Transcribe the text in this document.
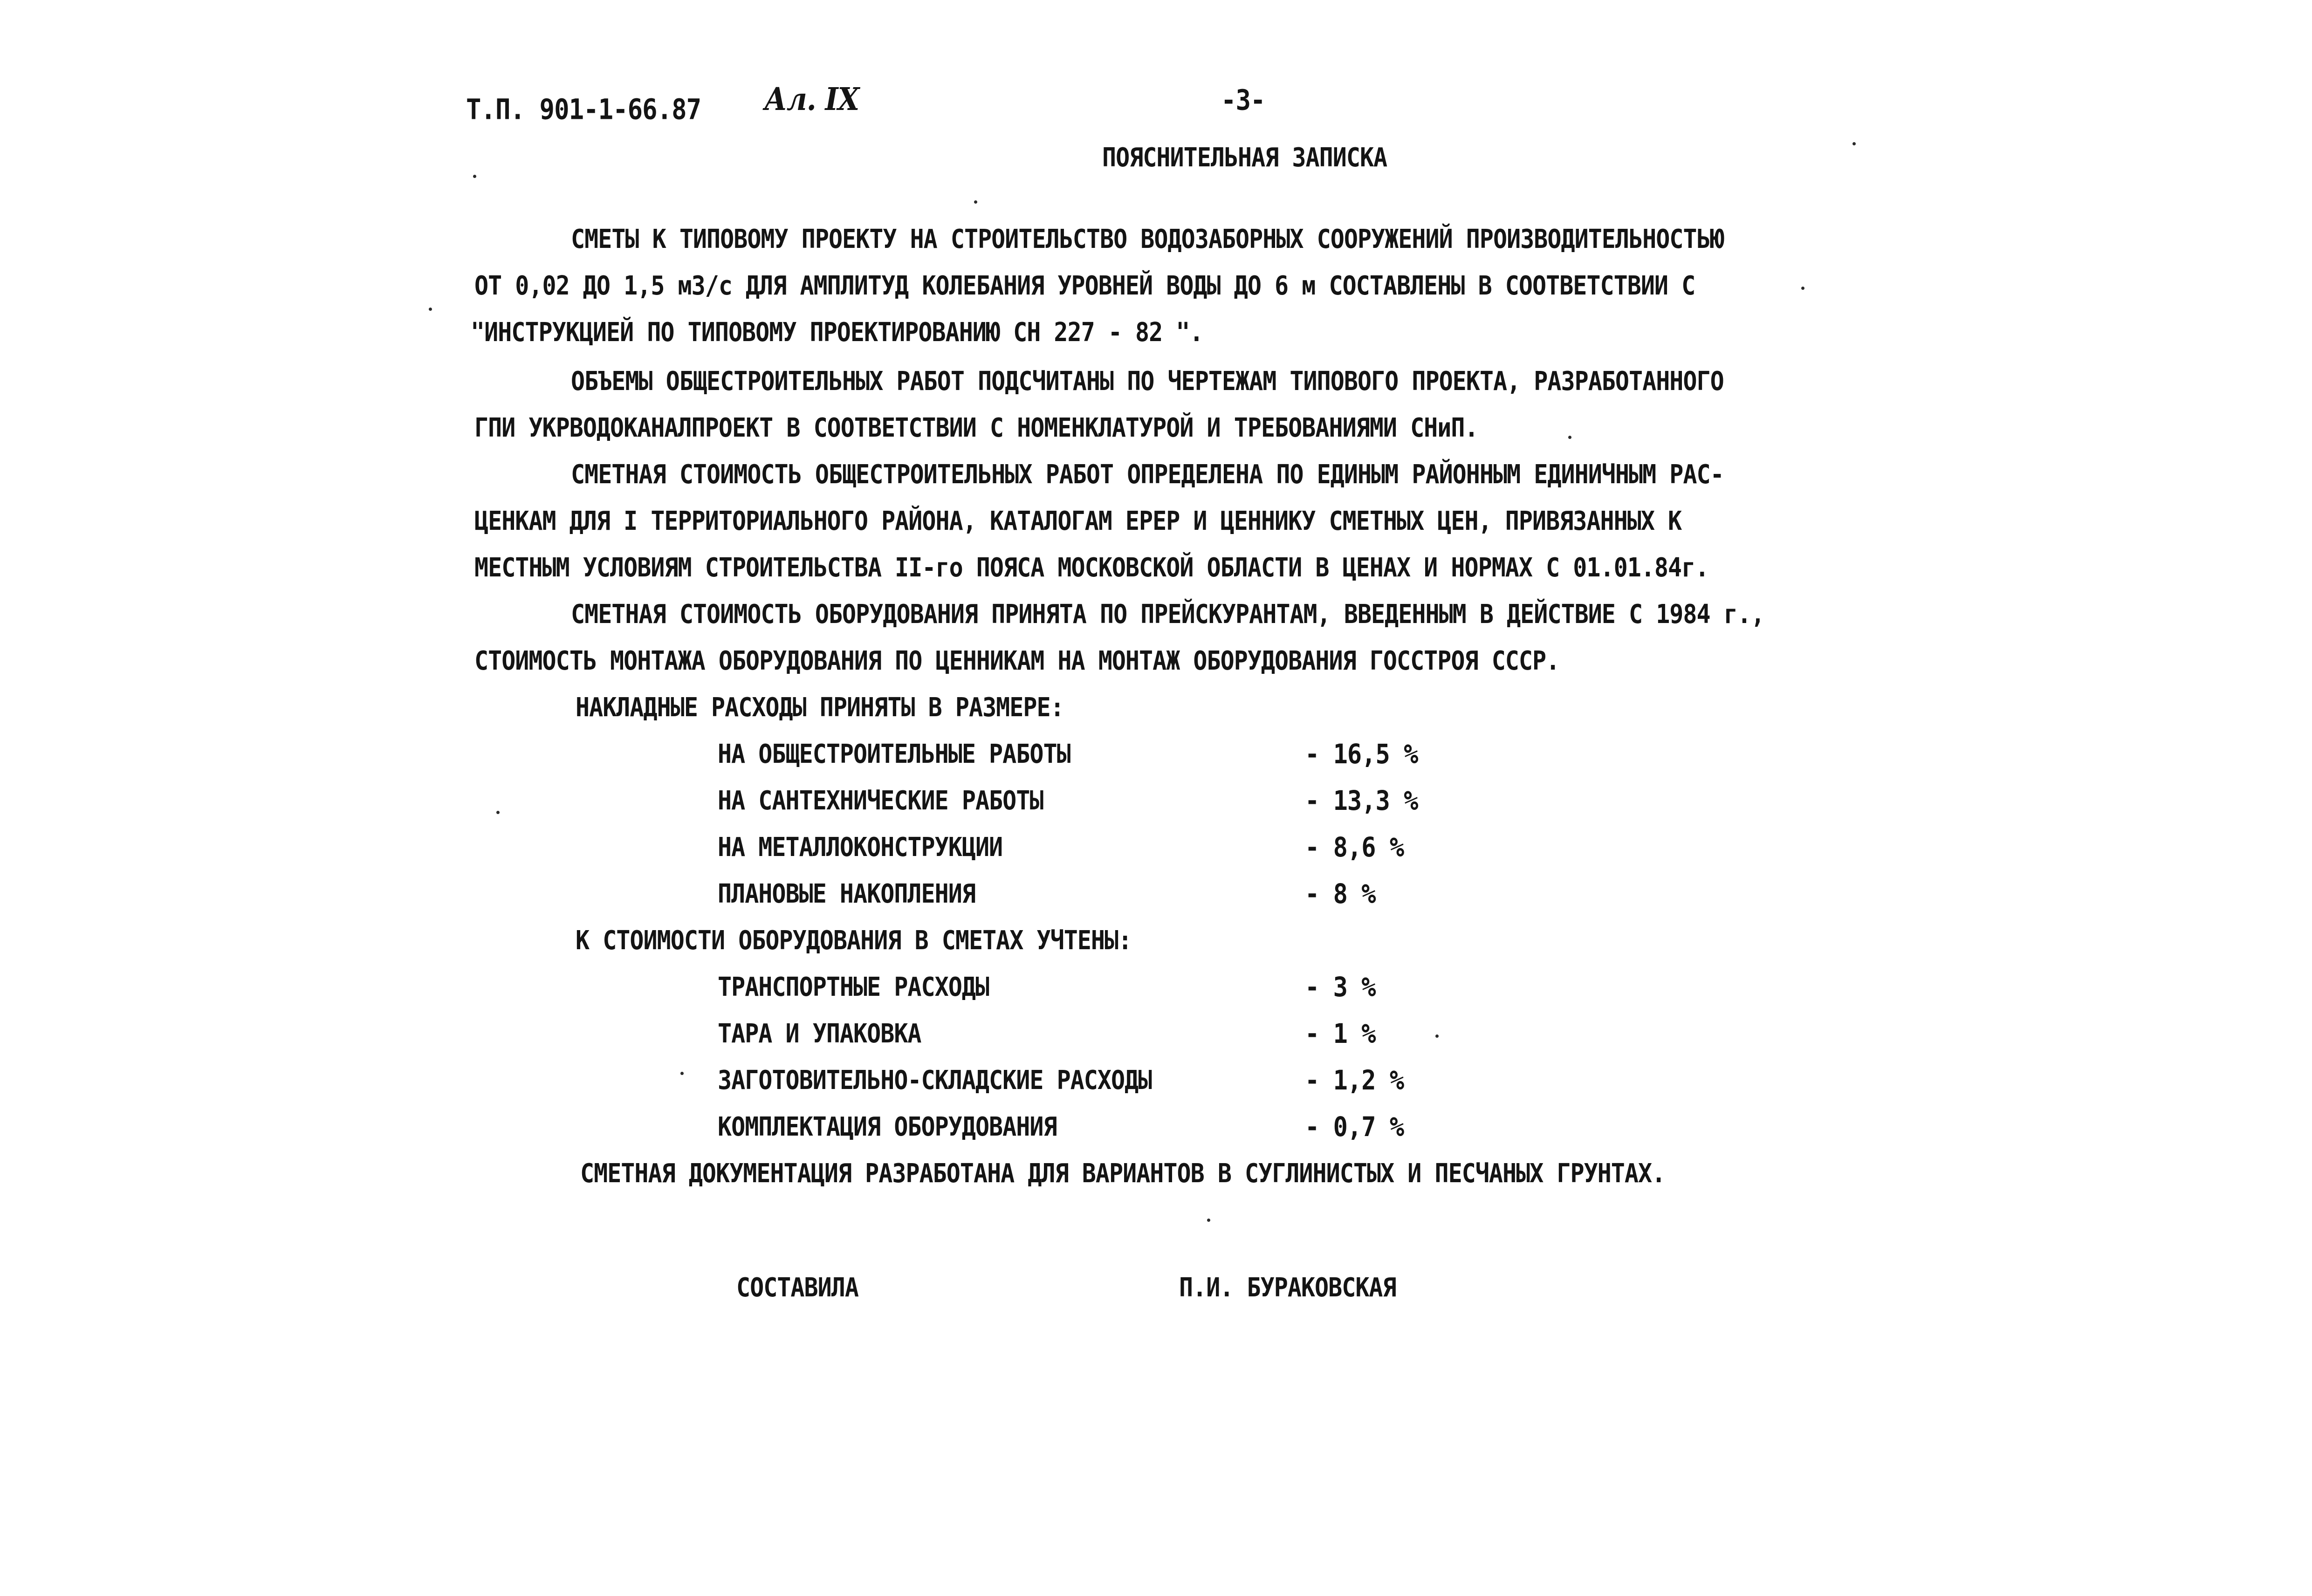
Т.П. 901-1-66.87 Ал. IX	-3-
ПОЯСНИТЕЛЬНАЯ ЗАПИСКА
СМЕТЫ К ТИПОВОМУ ПРОЕКТУ НА СТРОИТЕЛЬСТВО ВОДОЗАБОРНЫХ СООРУЖЕНИЙ ПРОИЗВОДИТЕЛЬНОСТЬЮ
ОТ 0,02 ДО 1,5 м3/с ДЛЯ АМПЛИТУД КОЛЕБАНИЯ УРОВНЕЙ ВОДЫ ДО 6 м СОСТАВЛЕНЫ В СООТВЕТСТВИИ С
"ИНСТРУКЦИЕЙ ПО ТИПОВОМУ ПРОЕКТИРОВАНИЮ СН 227 - 82 ".
ОБЪЕМЫ ОБЩЕСТРОИТЕЛЬНЫХ РАБОТ ПОДСЧИТАНЫ ПО ЧЕРТЕЖАМ ТИПОВОГО ПРОЕКТА, РАЗРАБОТАННОГО
ГПИ УКРВОДОКАНАЛПРОЕКТ В СООТВЕТСТВИИ С НОМЕНКЛАТУРОЙ И ТРЕБОВАНИЯМИ СНиП.
СМЕТНАЯ СТОИМОСТЬ ОБЩЕСТРОИТЕЛЬНЫХ РАБОТ ОПРЕДЕЛЕНА ПО ЕДИНЫМ РАЙОННЫМ ЕДИНИЧНЫМ РАС-
ЦЕНКАМ ДЛЯ I ТЕРРИТОРИАЛЬНОГО РАЙОНА, КАТАЛОГАМ ЕРЕР И ЦЕННИКУ СМЕТНЫХ ЦЕН, ПРИВЯЗАННЫХ К
МЕСТНЫМ УСЛОВИЯМ СТРОИТЕЛЬСТВА II-го ПОЯСА МОСКОВСКОЙ ОБЛАСТИ В ЦЕНАХ И НОРМАХ С 01.01.84г.
СМЕТНАЯ СТОИМОСТЬ ОБОРУДОВАНИЯ ПРИНЯТА ПО ПРЕЙСКУРАНТАМ, ВВЕДЕННЫМ В ДЕЙСТВИЕ С 1984 г.,
СТОИМОСТЬ МОНТАЖА ОБОРУДОВАНИЯ ПО ЦЕННИКАМ НА МОНТАЖ ОБОРУДОВАНИЯ ГОССТРОЯ СССР.
НАКЛАДНЫЕ РАСХОДЫ ПРИНЯТЫ В РАЗМЕРЕ:
НА ОБЩЕСТРОИТЕЛЬНЫЕ РАБОТЫ	- 16,5 %
НА САНТЕХНИЧЕСКИЕ РАБОТЫ	- 13,3 %
НА МЕТАЛЛОКОНСТРУКЦИИ	- 8,6 %
ПЛАНОВЫЕ НАКОПЛЕНИЯ	- 8 %
К СТОИМОСТИ ОБОРУДОВАНИЯ В СМЕТАХ УЧТЕНЫ:
ТРАНСПОРТНЫЕ РАСХОДЫ	- 3 %
ТАРА И УПАКОВКА	- 1 %
ЗАГОТОВИТЕЛЬНО-СКЛАДСКИЕ РАСХОДЫ	- 1,2 %
КОМПЛЕКТАЦИЯ ОБОРУДОВАНИЯ	- 0,7 %
СМЕТНАЯ ДОКУМЕНТАЦИЯ РАЗРАБОТАНА ДЛЯ ВАРИАНТОВ В СУГЛИНИСТЫХ И ПЕСЧАНЫХ ГРУНТАХ.
СОСТАВИЛА	П.И. БУРАКОВСКАЯ
